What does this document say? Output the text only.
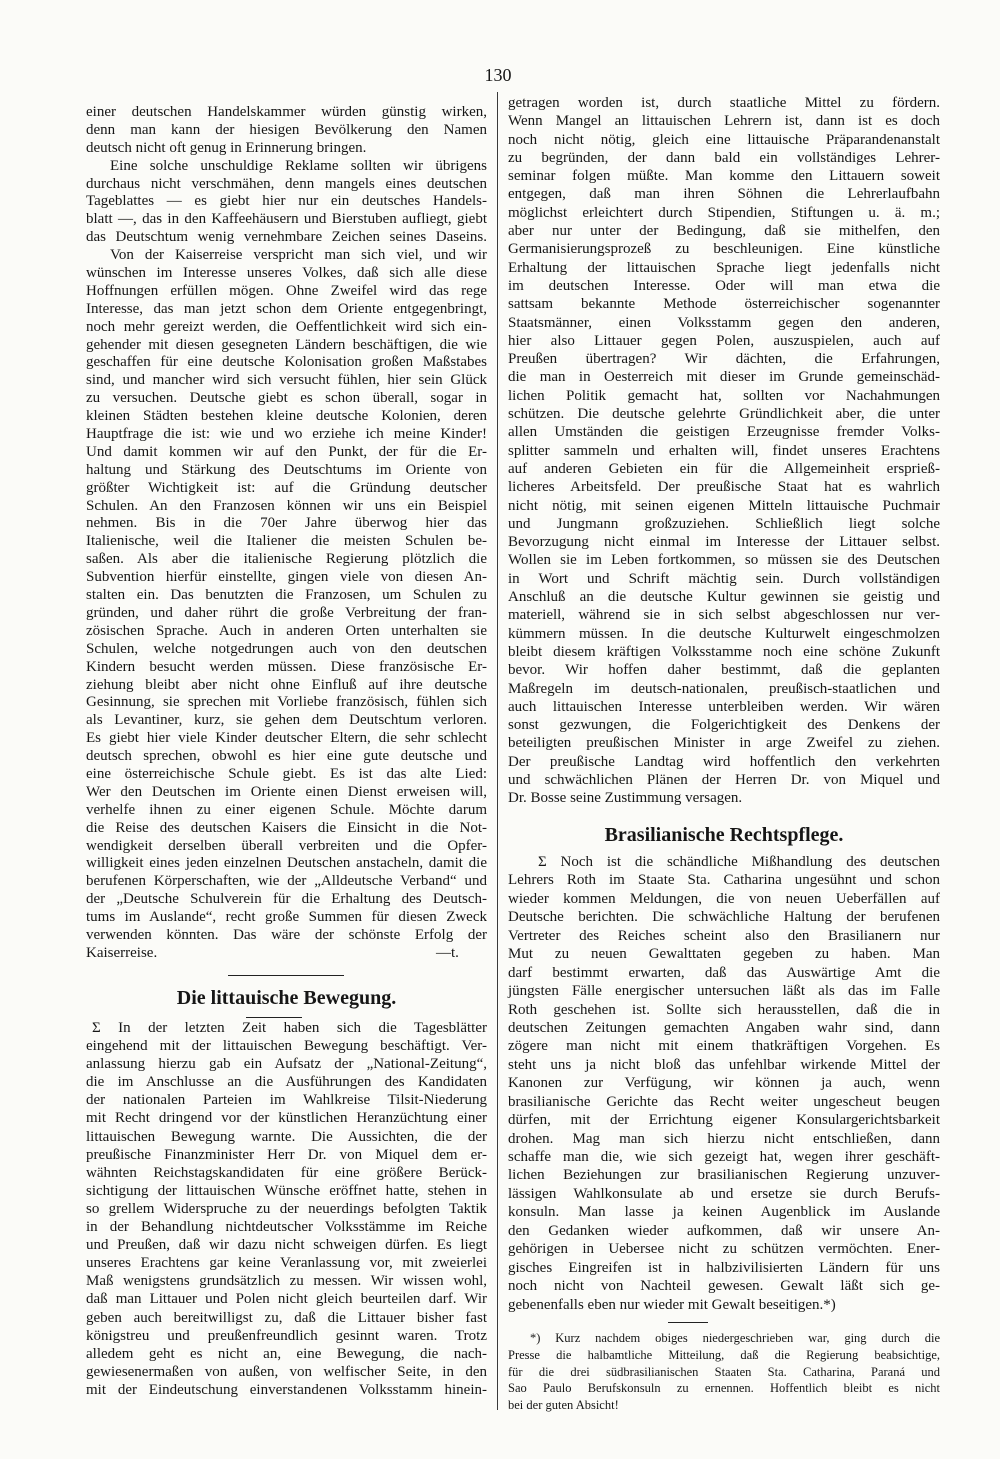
130
einer deutschen Handelskammer würden günstig wirken,
denn man kann der hiesigen Bevölkerung den Namen
deutsch nicht oft genug in Erinnerung bringen.
Eine solche unschuldige Reklame sollten wir übrigens
durchaus nicht verschmähen, denn mangels eines deutschen
Tageblattes — es giebt hier nur ein deutsches Handels-
blatt —, das in den Kaffeehäusern und Bierstuben aufliegt, giebt
das Deutschtum wenig vernehmbare Zeichen seines Daseins.
Von der Kaiserreise verspricht man sich viel, und wir
wünschen im Interesse unseres Volkes, daß sich alle diese
Hoffnungen erfüllen mögen. Ohne Zweifel wird das rege
Interesse, das man jetzt schon dem Oriente entgegenbringt,
noch mehr gereizt werden, die Oeffentlichkeit wird sich ein-
gehender mit diesen gesegneten Ländern beschäftigen, die wie
geschaffen für eine deutsche Kolonisation großen Maßstabes
sind, und mancher wird sich versucht fühlen, hier sein Glück
zu versuchen. Deutsche giebt es schon überall, sogar in
kleinen Städten bestehen kleine deutsche Kolonien, deren
Hauptfrage die ist: wie und wo erziehe ich meine Kinder!
Und damit kommen wir auf den Punkt, der für die Er-
haltung und Stärkung des Deutschtums im Oriente von
größter Wichtigkeit ist: auf die Gründung deutscher
Schulen. An den Franzosen können wir uns ein Beispiel
nehmen. Bis in die 70er Jahre überwog hier das
Italienische, weil die Italiener die meisten Schulen be-
saßen. Als aber die italienische Regierung plötzlich die
Subvention hierfür einstellte, gingen viele von diesen An-
stalten ein. Das benutzten die Franzosen, um Schulen zu
gründen, und daher rührt die große Verbreitung der fran-
zösischen Sprache. Auch in anderen Orten unterhalten sie
Schulen, welche notgedrungen auch von den deutschen
Kindern besucht werden müssen. Diese französische Er-
ziehung bleibt aber nicht ohne Einfluß auf ihre deutsche
Gesinnung, sie sprechen mit Vorliebe französisch, fühlen sich
als Levantiner, kurz, sie gehen dem Deutschtum verloren.
Es giebt hier viele Kinder deutscher Eltern, die sehr schlecht
deutsch sprechen, obwohl es hier eine gute deutsche und
eine österreichische Schule giebt. Es ist das alte Lied:
Wer den Deutschen im Oriente einen Dienst erweisen will,
verhelfe ihnen zu einer eigenen Schule. Möchte darum
die Reise des deutschen Kaisers die Einsicht in die Not-
wendigkeit derselben überall verbreiten und die Opfer-
willigkeit eines jeden einzelnen Deutschen anstacheln, damit die
berufenen Körperschaften, wie der „Alldeutsche Verband“ und
der „Deutsche Schulverein für die Erhaltung des Deutsch-
tums im Auslande“, recht große Summen für diesen Zweck
verwenden könnten. Das wäre der schönste Erfolg der
Kaiserreise.	—t.
Die littauische Bewegung.
Σ In der letzten Zeit haben sich die Tagesblätter
eingehend mit der littauischen Bewegung beschäftigt. Ver-
anlassung hierzu gab ein Aufsatz der „National-Zeitung“,
die im Anschlusse an die Ausführungen des Kandidaten
der nationalen Parteien im Wahlkreise Tilsit-Niederung
mit Recht dringend vor der künstlichen Heranzüchtung einer
littauischen Bewegung warnte. Die Aussichten, die der
preußische Finanzminister Herr Dr. von Miquel dem er-
wähnten Reichstagskandidaten für eine größere Berück-
sichtigung der littauischen Wünsche eröffnet hatte, stehen in
so grellem Widerspruche zu der neuerdings befolgten Taktik
in der Behandlung nichtdeutscher Volksstämme im Reiche
und Preußen, daß wir dazu nicht schweigen dürfen. Es liegt
unseres Erachtens gar keine Veranlassung vor, mit zweierlei
Maß wenigstens grundsätzlich zu messen. Wir wissen wohl,
daß man Littauer und Polen nicht gleich beurteilen darf. Wir
geben auch bereitwilligst zu, daß die Littauer bisher fast
königstreu und preußenfreundlich gesinnt waren. Trotz
alledem geht es nicht an, eine Bewegung, die nach-
gewiesenermaßen von außen, von welfischer Seite, in den
mit der Eindeutschung einverstandenen Volksstamm hinein-
getragen worden ist, durch staatliche Mittel zu fördern.
Wenn Mangel an littauischen Lehrern ist, dann ist es doch
noch nicht nötig, gleich eine littauische Präparandenanstalt
zu begründen, der dann bald ein vollständiges Lehrer-
seminar folgen müßte. Man komme den Littauern soweit
entgegen, daß man ihren Söhnen die Lehrerlaufbahn
möglichst erleichtert durch Stipendien, Stiftungen u. ä. m.;
aber nur unter der Bedingung, daß sie mithelfen, den
Germanisierungsprozeß zu beschleunigen. Eine künstliche
Erhaltung der littauischen Sprache liegt jedenfalls nicht
im deutschen Interesse. Oder will man etwa die
sattsam bekannte Methode österreichischer sogenannter
Staatsmänner, einen Volksstamm gegen den anderen,
hier also Littauer gegen Polen, auszuspielen, auch auf
Preußen übertragen? Wir dächten, die Erfahrungen,
die man in Oesterreich mit dieser im Grunde gemeinschäd-
lichen Politik gemacht hat, sollten vor Nachahmungen
schützen. Die deutsche gelehrte Gründlichkeit aber, die unter
allen Umständen die geistigen Erzeugnisse fremder Volks-
splitter sammeln und erhalten will, findet unseres Erachtens
auf anderen Gebieten ein für die Allgemeinheit ersprieß-
licheres Arbeitsfeld. Der preußische Staat hat es wahrlich
nicht nötig, mit seinen eigenen Mitteln littauische Puchmair
und Jungmann großzuziehen. Schließlich liegt solche
Bevorzugung nicht einmal im Interesse der Littauer selbst.
Wollen sie im Leben fortkommen, so müssen sie des Deutschen
in Wort und Schrift mächtig sein. Durch vollständigen
Anschluß an die deutsche Kultur gewinnen sie geistig und
materiell, während sie in sich selbst abgeschlossen nur ver-
kümmern müssen. In die deutsche Kulturwelt eingeschmolzen
bleibt diesem kräftigen Volksstamme noch eine schöne Zukunft
bevor. Wir hoffen daher bestimmt, daß die geplanten
Maßregeln im deutsch-nationalen, preußisch-staatlichen und
auch littauischen Interesse unterbleiben werden. Wir wären
sonst gezwungen, die Folgerichtigkeit des Denkens der
beteiligten preußischen Minister in arge Zweifel zu ziehen.
Der preußische Landtag wird hoffentlich den verkehrten
und schwächlichen Plänen der Herren Dr. von Miquel und
Dr. Bosse seine Zustimmung versagen.
Brasilianische Rechtspflege.
Σ Noch ist die schändliche Mißhandlung des deutschen
Lehrers Roth im Staate Sta. Catharina ungesühnt und schon
wieder kommen Meldungen, die von neuen Ueberfällen auf
Deutsche berichten. Die schwächliche Haltung der berufenen
Vertreter des Reiches scheint also den Brasilianern nur
Mut zu neuen Gewalttaten gegeben zu haben. Man
darf bestimmt erwarten, daß das Auswärtige Amt die
jüngsten Fälle energischer untersuchen läßt als das im Falle
Roth geschehen ist. Sollte sich herausstellen, daß die in
deutschen Zeitungen gemachten Angaben wahr sind, dann
zögere man nicht mit einem thatkräftigen Vorgehen. Es
steht uns ja nicht bloß das unfehlbar wirkende Mittel der
Kanonen zur Verfügung, wir können ja auch, wenn
brasilianische Gerichte das Recht weiter ungescheut beugen
dürfen, mit der Errichtung eigener Konsulargerichtsbarkeit
drohen. Mag man sich hierzu nicht entschließen, dann
schaffe man die, wie sich gezeigt hat, wegen ihrer geschäft-
lichen Beziehungen zur brasilianischen Regierung unzuver-
lässigen Wahlkonsulate ab und ersetze sie durch Berufs-
konsuln. Man lasse ja keinen Augenblick im Auslande
den Gedanken wieder aufkommen, daß wir unsere An-
gehörigen in Uebersee nicht zu schützen vermöchten. Ener-
gisches Eingreifen ist in halbzivilisierten Ländern für uns
noch nicht von Nachteil gewesen. Gewalt läßt sich ge-
gebenenfalls eben nur wieder mit Gewalt beseitigen.*)
*) Kurz nachdem obiges niedergeschrieben war, ging durch die
Presse die halbamtliche Mitteilung, daß die Regierung beabsichtige,
für die drei südbrasilianischen Staaten Sta. Catharina, Paraná und
Sao Paulo Berufskonsuln zu ernennen. Hoffentlich bleibt es nicht
bei der guten Absicht!
